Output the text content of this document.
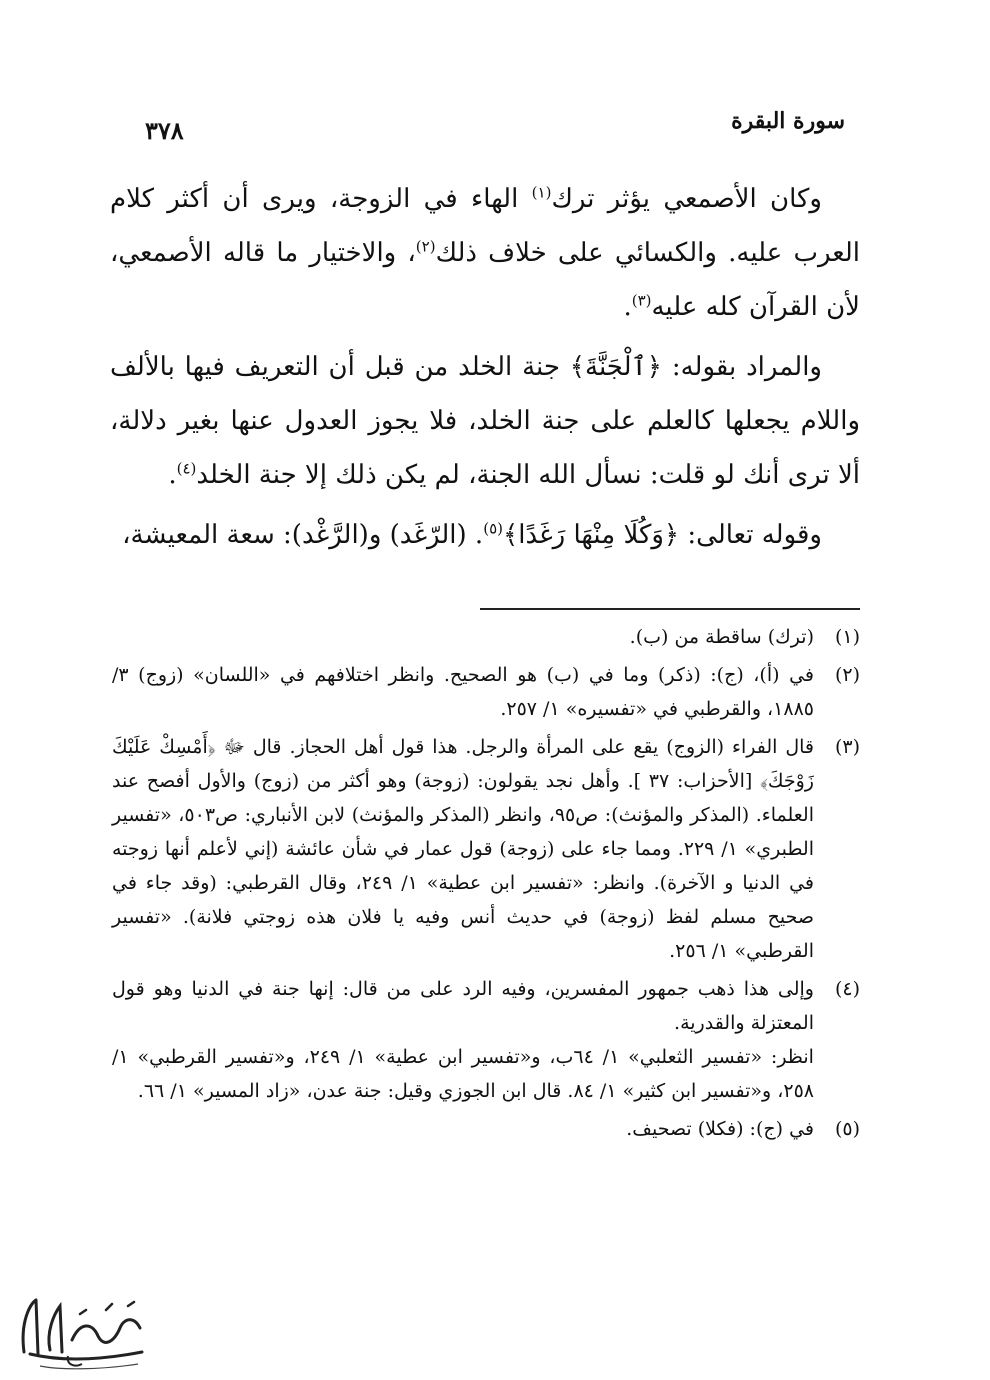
سورة البقرة
٣٧٨

وكان الأصمعي يؤثر ترك$^{(١)}$ الهاء في الزوجة، ويرى أن أكثر كلام العرب عليه. والكسائي على خلاف ذلك$^{(٢)}$، والاختيار ما قاله الأصمعي، لأن القرآن كله عليه$^{(٣)}$.

والمراد بقوله: ﴿ٱلْجَنَّةَ﴾ جنة الخلد من قبل أن التعريف فيها بالألف واللام يجعلها كالعلم على جنة الخلد، فلا يجوز العدول عنها بغير دلالة، ألا ترى أنك لو قلت: نسأل الله الجنة، لم يكن ذلك إلا جنة الخلد$^{(٤)}$.

وقوله تعالى: ﴿وَكُلَا مِنْهَا رَغَدًا﴾$^{(٥)}$. (الرّغَد) و(الرَّغْد): سعة المعيشة،

(١)

(ترك) ساقطة من (ب).

(٢)

في (أ)، (ج): (ذكر) وما في (ب) هو الصحيح. وانظر اختلافهم في «اللسان» (زوج) ٣/ ١٨٨٥، والقرطبي في «تفسيره» ١/ ٢٥٧.

(٣)

قال الفراء (الزوج) يقع على المرأة والرجل. هذا قول أهل الحجاز. قال ﷻ ﴿أَمْسِكْ عَلَيْكَ زَوْجَكَ﴾ [الأحزاب: ٣٧ ]. وأهل نجد يقولون: (زوجة) وهو أكثر من (زوج) والأول أفصح عند العلماء. (المذكر والمؤنث): ص٩٥، وانظر (المذكر والمؤنث) لابن الأنباري: ص٥٠٣، «تفسير الطبري» ١/ ٢٢٩. ومما جاء على (زوجة) قول عمار في شأن عائشة (إني لأعلم أنها زوجته في الدنيا و الآخرة). وانظر: «تفسير ابن عطية» ١/ ٢٤٩، وقال القرطبي: (وقد جاء في صحيح مسلم لفظ (زوجة) في حديث أنس وفيه يا فلان هذه زوجتي فلانة). «تفسير القرطبي» ١/ ٢٥٦.

(٤)

وإلى هذا ذهب جمهور المفسرين، وفيه الرد على من قال: إنها جنة في الدنيا وهو قول المعتزلة والقدرية.

انظر: «تفسير الثعلبي» ١/ ٦٤ب، و«تفسير ابن عطية» ١/ ٢٤٩، و«تفسير القرطبي» ١/ ٢٥٨، و«تفسير ابن كثير» ١/ ٨٤. قال ابن الجوزي وقيل: جنة عدن، «زاد المسير» ١/ ٦٦.

(٥)

في (ج): (فكلا) تصحيف.
